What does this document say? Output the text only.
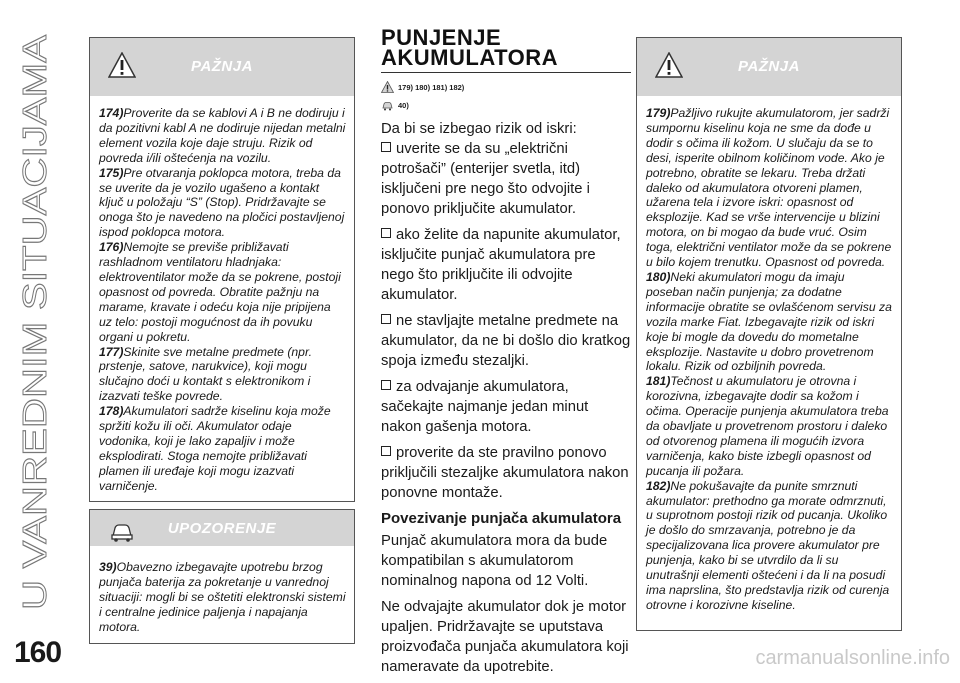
U VANREDNIM SITUACIJAMA
160
PAŽNJA

174)Proverite da se kablovi A i B ne dodiruju i da pozitivni kabl A ne dodiruje nijedan metalni element vozila koje daje struju. Rizik od povreda i/ili oštećenja na vozilu.

175)Pre otvaranja poklopca motora, treba da se uverite da je vozilo ugašeno a kontakt ključ u položaju “S” (Stop). Pridržavajte se onoga što je navedeno na pločici postavljenoj ispod poklopca motora.

176)Nemojte se previše približavati rashladnom ventilatoru hladnjaka: elektroventilator može da se pokrene, postoji opasnost od povreda. Obratite pažnju na marame, kravate i odeću koja nije pripijena uz telo: postoji mogućnost da ih povuku organi u pokretu.

177)Skinite sve metalne predmete (npr. prstenje, satove, narukvice), koji mogu slučajno doći u kontakt s elektronikom i izazvati teške povrede.

178)Akumulatori sadrže kiselinu koja može spržiti kožu ili oči. Akumulator odaje vodonika, koji je lako zapaljiv i može eksplodirati. Stoga nemojte približavati plamen ili uređaje koji mogu izazvati varničenje.

UPOZORENJE

39)Obavezno izbegavajte upotrebu brzog punjača baterija za pokretanje u vanrednoj situaciji: mogli bi se oštetiti elektronski sistemi i centralne jedinice paljenja i napajanja motora.

PUNJENJE
AKUMULATORA
179) 180) 181) 182)
40)
Da bi se izbegao rizik od iskri:

uverite se da su „električni potrošači” (enterijer svetla, itd) isključeni pre nego što odvojite i ponovo priključite akumulator.

ako želite da napunite akumulator, isključite punjač akumulatora pre nego što priključite ili odvojite akumulator.

ne stavljajte metalne predmete na akumulator, da ne bi došlo dio kratkog spoja između stezaljki.

za odvajanje akumulatora, sačekajte najmanje jedan minut nakon gašenja motora.

proverite da ste pravilno ponovo priključili stezaljke akumulatora nakon ponovne montaže.

Povezivanje punjača akumulatora

Punjač akumulatora mora da bude kompatibilan s akumulatorom nominalnog napona od 12 Volti.

Ne odvajajte akumulator dok je motor upaljen. Pridržavajte se uputstava proizvođača punjača akumulatora koji nameravate da upotrebite.

PAŽNJA

179)Pažljivo rukujte akumulatorom, jer sadrži sumpornu kiselinu koja ne sme da dođe u dodir s očima ili kožom. U slučaju da se to desi, isperite obilnom količinom vode. Ako je potrebno, obratite se lekaru. Treba držati daleko od akumulatora otvoreni plamen, užarena tela i izvore iskri: opasnost od eksplozije. Kad se vrše intervencije u blizini motora, on bi mogao da bude vruć. Osim toga, električni ventilator može da se pokrene u bilo kojem trenutku. Opasnost od povreda.

180)Neki akumulatori mogu da imaju poseban način punjenja; za dodatne informacije obratite se ovlašćenom servisu za vozila marke Fiat. Izbegavajte rizik od iskri koje bi mogle da dovedu do mometalne eksplozije. Nastavite u dobro provetrenom lokalu. Rizik od ozbiljnih povreda.

181)Tečnost u akumulatoru je otrovna i korozivna, izbegavajte dodir sa kožom i očima. Operacije punjenja akumulatora treba da obavljate u provetrenom prostoru i daleko od otvorenog plamena ili mogućih izvora varničenja, kako biste izbegli opasnost od pucanja ili požara.

182)Ne pokušavajte da punite smrznuti akumulator: prethodno ga morate odmrznuti, u suprotnom postoji rizik od pucanja. Ukoliko je došlo do smrzavanja, potrebno je da specijalizovana lica provere akumulator pre punjenja, kako bi se utvrdilo da li su unutrašnji elementi oštećeni i da li na posudi ima naprslina, što predstavlja rizik od curenja otrovne i korozivne kiseline.

carmanualsonline.info
